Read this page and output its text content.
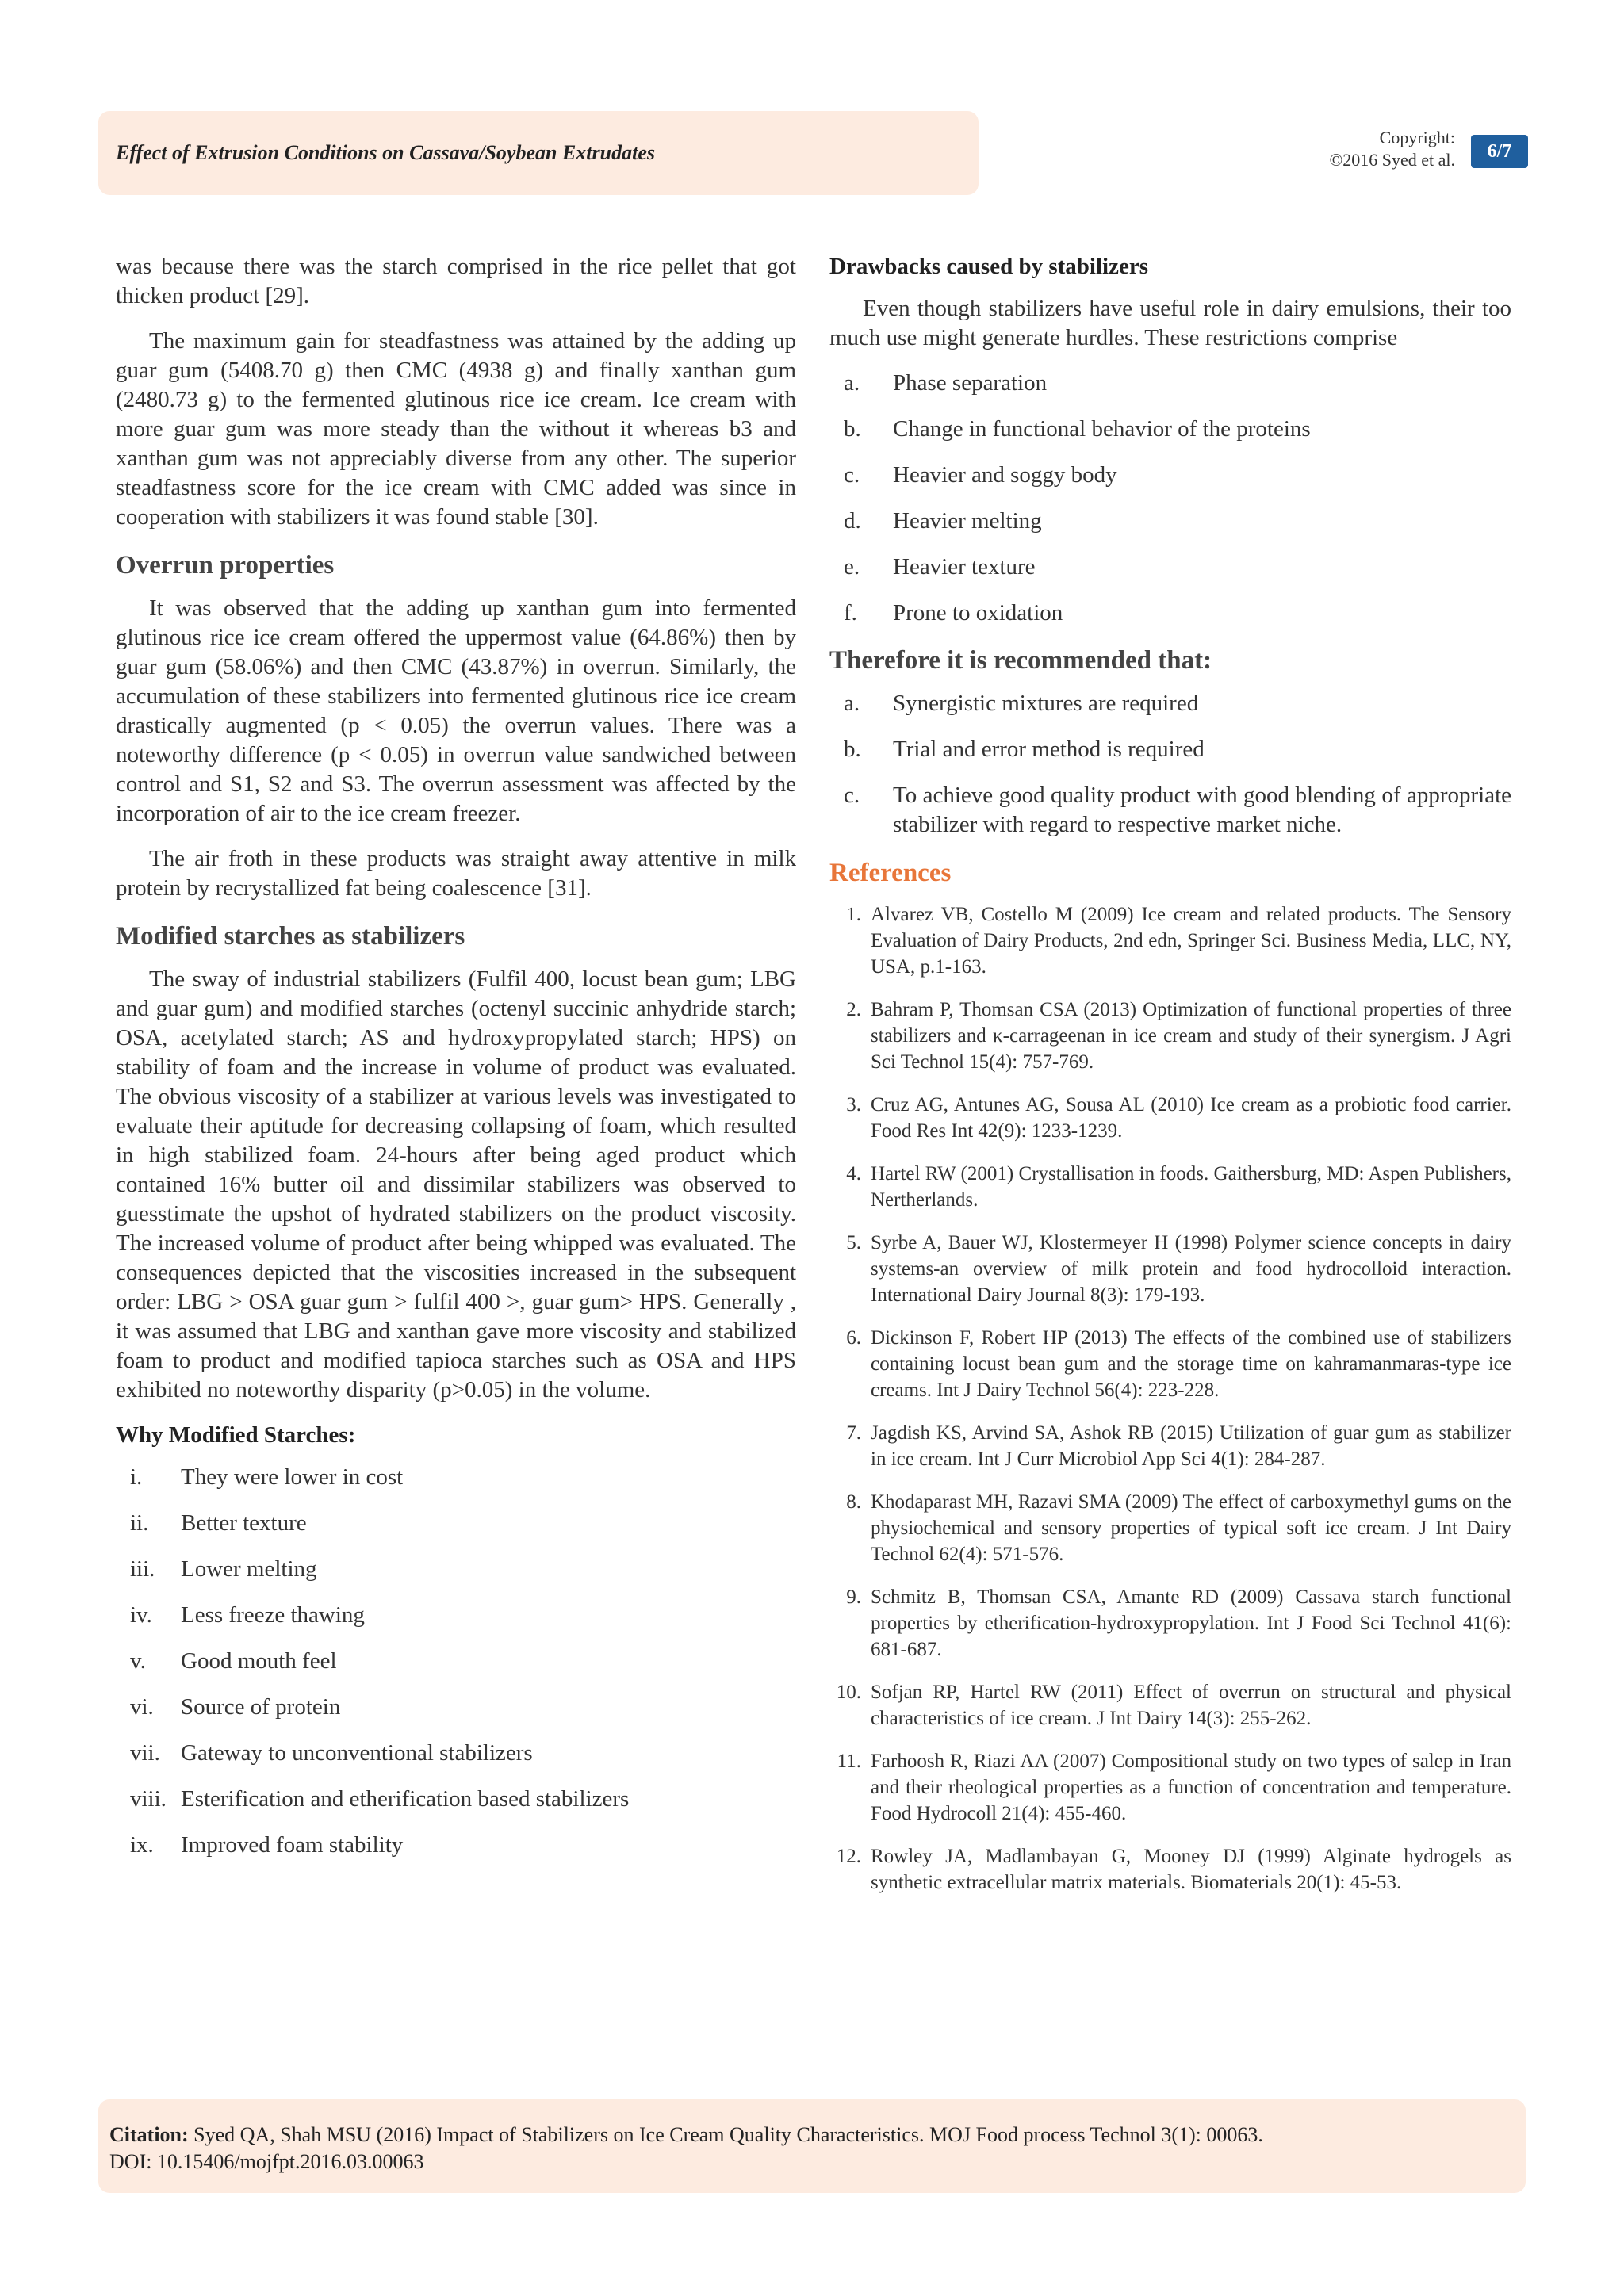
Effect of Extrusion Conditions on Cassava/Soybean Extrudates
Copyright:
©2016 Syed et al.	6/7

was because there was the starch comprised in the rice pellet that got thicken product [29].

The maximum gain for steadfastness was attained by the adding up guar gum (5408.70 g) then CMC (4938 g) and finally xanthan gum (2480.73 g) to the fermented glutinous rice ice cream. Ice cream with more guar gum was more steady than the without it whereas b3 and xanthan gum was not appreciably diverse from any other. The superior steadfastness score for the ice cream with CMC added was since in cooperation with stabilizers it was found stable [30].

Overrun properties

It was observed that the adding up xanthan gum into fermented glutinous rice ice cream offered the uppermost value (64.86%) then by guar gum (58.06%) and then CMC (43.87%) in overrun. Similarly, the accumulation of these stabilizers into fermented glutinous rice ice cream drastically augmented (p < 0.05) the overrun values. There was a noteworthy difference (p < 0.05) in overrun value sandwiched between control and S1, S2 and S3. The overrun assessment was affected by the incorporation of air to the ice cream freezer.

The air froth in these products was straight away attentive in milk protein by recrystallized fat being coalescence [31].

Modified starches as stabilizers

The sway of industrial stabilizers (Fulfil 400, locust bean gum; LBG and guar gum) and modified starches (octenyl succinic anhydride starch; OSA, acetylated starch; AS and hydroxypropylated starch; HPS) on stability of foam and the increase in volume of product was evaluated. The obvious viscosity of a stabilizer at various levels was investigated to evaluate their aptitude for decreasing collapsing of foam, which resulted in high stabilized foam. 24-hours after being aged product which contained 16% butter oil and dissimilar stabilizers was observed to guesstimate the upshot of hydrated stabilizers on the product viscosity. The increased volume of product after being whipped was evaluated. The consequences depicted that the viscosities increased in the subsequent order: LBG > OSA guar gum > fulfil 400 >, guar gum> HPS. Generally , it was assumed that LBG and xanthan gave more viscosity and stabilized foam to product and modified tapioca starches such as OSA and HPS exhibited no noteworthy disparity (p>0.05) in the volume.

Why Modified Starches:
i. They were lower in cost
ii. Better texture
iii. Lower melting
iv. Less freeze thawing
v. Good mouth feel
vi. Source of protein
vii. Gateway to unconventional stabilizers
viii. Esterification and etherification based stabilizers
ix. Improved foam stability
Drawbacks caused by stabilizers

Even though stabilizers have useful role in dairy emulsions, their too much use might generate hurdles. These restrictions comprise

a. Phase separation
b. Change in functional behavior of the proteins
c. Heavier and soggy body
d. Heavier melting
e. Heavier texture
f. Prone to oxidation
Therefore it is recommended that:
a. Synergistic mixtures are required
b. Trial and error method is required
c. To achieve good quality product with good blending of appropriate stabilizer with regard to respective market niche.
References
1. Alvarez VB, Costello M (2009) Ice cream and related products. The Sensory Evaluation of Dairy Products, 2nd edn, Springer Sci. Business Media, LLC, NY, USA, p.1-163.
2. Bahram P, Thomsan CSA (2013) Optimization of functional properties of three stabilizers and κ-carrageenan in ice cream and study of their synergism. J Agri Sci Technol 15(4): 757-769.
3. Cruz AG, Antunes AG, Sousa AL (2010) Ice cream as a probiotic food carrier. Food Res Int 42(9): 1233-1239.
4. Hartel RW (2001) Crystallisation in foods. Gaithersburg, MD: Aspen Publishers, Nertherlands.
5. Syrbe A, Bauer WJ, Klostermeyer H (1998) Polymer science concepts in dairy systems-an overview of milk protein and food hydrocolloid interaction. International Dairy Journal 8(3): 179-193.
6. Dickinson F, Robert HP (2013) The effects of the combined use of stabilizers containing locust bean gum and the storage time on kahramanmaras-type ice creams. Int J Dairy Technol 56(4): 223-228.
7. Jagdish KS, Arvind SA, Ashok RB (2015) Utilization of guar gum as stabilizer in ice cream. Int J Curr Microbiol App Sci 4(1): 284-287.
8. Khodaparast MH, Razavi SMA (2009) The effect of carboxymethyl gums on the physiochemical and sensory properties of typical soft ice cream. J Int Dairy Technol 62(4): 571-576.
9. Schmitz B, Thomsan CSA, Amante RD (2009) Cassava starch functional properties by etherification-hydroxypropylation. Int J Food Sci Technol 41(6): 681-687.
10. Sofjan RP, Hartel RW (2011) Effect of overrun on structural and physical characteristics of ice cream. J Int Dairy 14(3): 255-262.
11. Farhoosh R, Riazi AA (2007) Compositional study on two types of salep in Iran and their rheological properties as a function of concentration and temperature. Food Hydrocoll 21(4): 455-460.
12. Rowley JA, Madlambayan G, Mooney DJ (1999) Alginate hydrogels as synthetic extracellular matrix materials. Biomaterials 20(1): 45-53.
Citation: Syed QA, Shah MSU (2016) Impact of Stabilizers on Ice Cream Quality Characteristics. MOJ Food process Technol 3(1): 00063.
DOI: 10.15406/mojfpt.2016.03.00063
